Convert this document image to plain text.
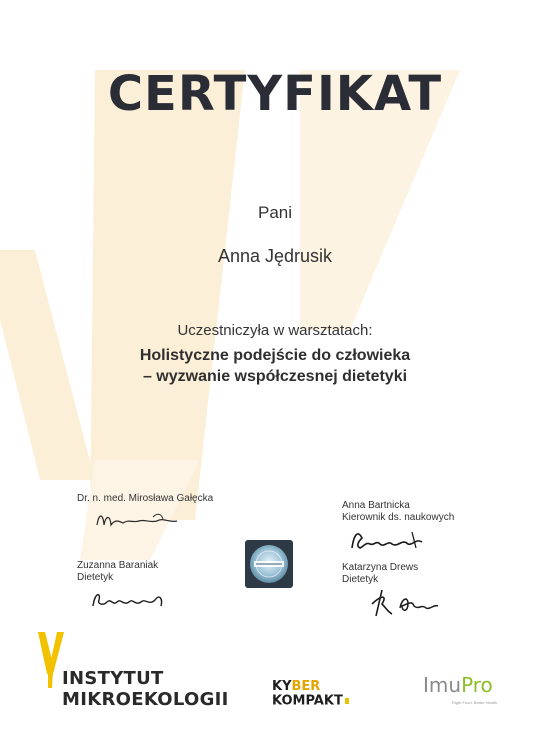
CERTYFIKAT
Pani
Anna Jędrusik
Uczestniczyła w warsztatach:
Holistyczne podejście do człowieka
– wyzwanie współczesnej dietetyki
Dr. n. med. Mirosława Gałęcka
Anna Bartnicka
Kierownik ds. naukowych
Zuzanna Baraniak
Dietetyk
Katarzyna Drews
Dietetyk
INSTYTUT
MIKROEKOLOGII
KYBER
KOMPAKT
ImuPro
Right Food. Better Health.
